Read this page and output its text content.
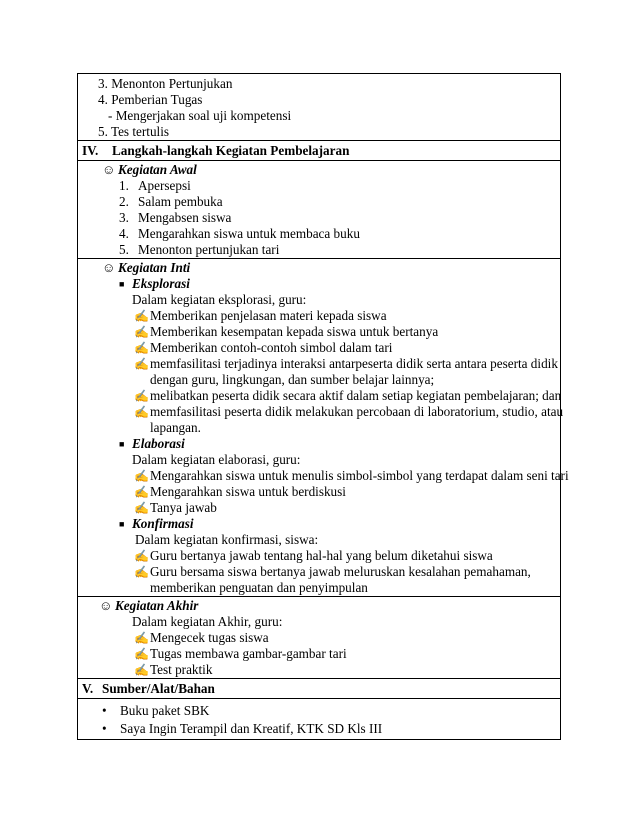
3. Menonton Pertunjukan
4. Pemberian Tugas
- Mengerjakan soal uji kompetensi
5. Tes tertulis
IV. Langkah-langkah Kegiatan Pembelajaran
☺ Kegiatan Awal
1. Apersepsi
2. Salam pembuka
3. Mengabsen siswa
4. Mengarahkan siswa untuk membaca buku
5. Menonton pertunjukan tari
☺ Kegiatan Inti
■ Eksplorasi
Dalam kegiatan eksplorasi, guru:
✍Memberikan penjelasan materi kepada siswa
✍Memberikan kesempatan kepada siswa untuk bertanya
✍Memberikan contoh-contoh simbol dalam tari
✍memfasilitasi terjadinya interaksi antarpeserta didik serta antara peserta didik
dengan guru, lingkungan, dan sumber belajar lainnya;
✍melibatkan peserta didik secara aktif dalam setiap kegiatan pembelajaran; dan
✍memfasilitasi peserta didik melakukan percobaan di laboratorium, studio, atau
lapangan.
■ Elaborasi
Dalam kegiatan elaborasi, guru:
✍Mengarahkan siswa untuk menulis simbol-simbol yang terdapat dalam seni tari
✍Mengarahkan siswa untuk berdiskusi
✍Tanya jawab
■ Konfirmasi
Dalam kegiatan konfirmasi, siswa:
✍Guru bertanya jawab tentang hal-hal yang belum diketahui siswa
✍Guru bersama siswa bertanya jawab meluruskan kesalahan pemahaman,
memberikan penguatan dan penyimpulan
☺ Kegiatan Akhir
Dalam kegiatan Akhir, guru:
✍Mengecek tugas siswa
✍Tugas membawa gambar-gambar tari
✍Test praktik
V. Sumber/Alat/Bahan
• Buku paket SBK
• Saya Ingin Terampil dan Kreatif, KTK SD Kls III
